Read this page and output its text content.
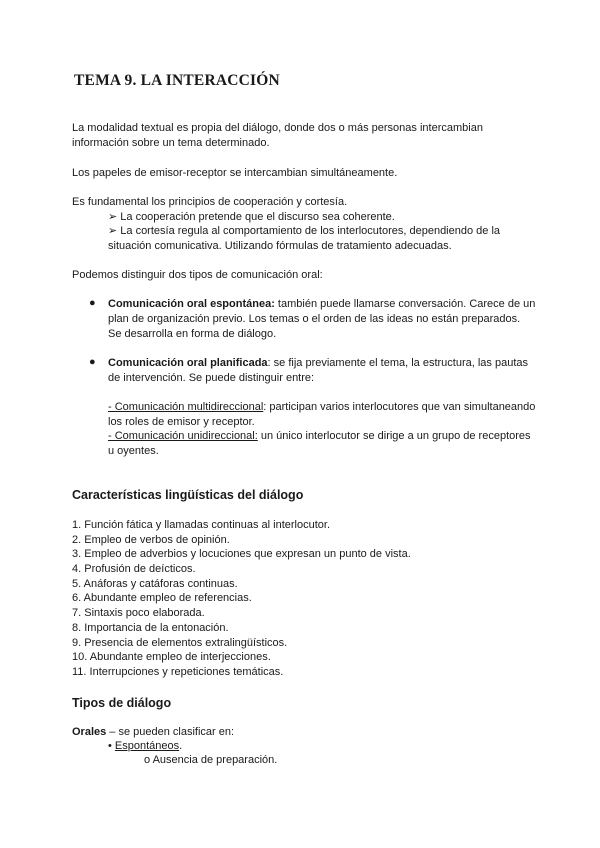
TEMA 9. LA INTERACCIÓN

La modalidad textual es propia del diálogo, donde dos o más personas intercambian información sobre un tema determinado.

Los papeles de emisor-receptor se intercambian simultáneamente.

Es fundamental los principios de cooperación y cortesía.

➢ La cooperación pretende que el discurso sea coherente.

➢ La cortesía regula al comportamiento de los interlocutores, dependiendo de la situación comunicativa. Utilizando fórmulas de tratamiento adecuadas.

Podemos distinguir dos tipos de comunicación oral:

● Comunicación oral espontánea: también puede llamarse conversación. Carece de un plan de organización previo. Los temas o el orden de las ideas no están preparados. Se desarrolla en forma de diálogo.

● Comunicación oral planificada: se fija previamente el tema, la estructura, las pautas de intervención. Se puede distinguir entre:

- Comunicación multidireccional: participan varios interlocutores que van simultaneando los roles de emisor y receptor.

- Comunicación unidireccional: un único interlocutor se dirige a un grupo de receptores u oyentes.

Características lingüísticas del diálogo
1. Función fática y llamadas continuas al interlocutor.
2. Empleo de verbos de opinión.
3. Empleo de adverbios y locuciones que expresan un punto de vista.
4. Profusión de deícticos.
5. Anáforas y catáforas continuas.
6. Abundante empleo de referencias.
7. Sintaxis poco elaborada.
8. Importancia de la entonación.
9. Presencia de elementos extralingüísticos.
10. Abundante empleo de interjecciones.
11. Interrupciones y repeticiones temáticas.
Tipos de diálogo

Orales – se pueden clasificar en:

• Espontáneos.

o Ausencia de preparación.
